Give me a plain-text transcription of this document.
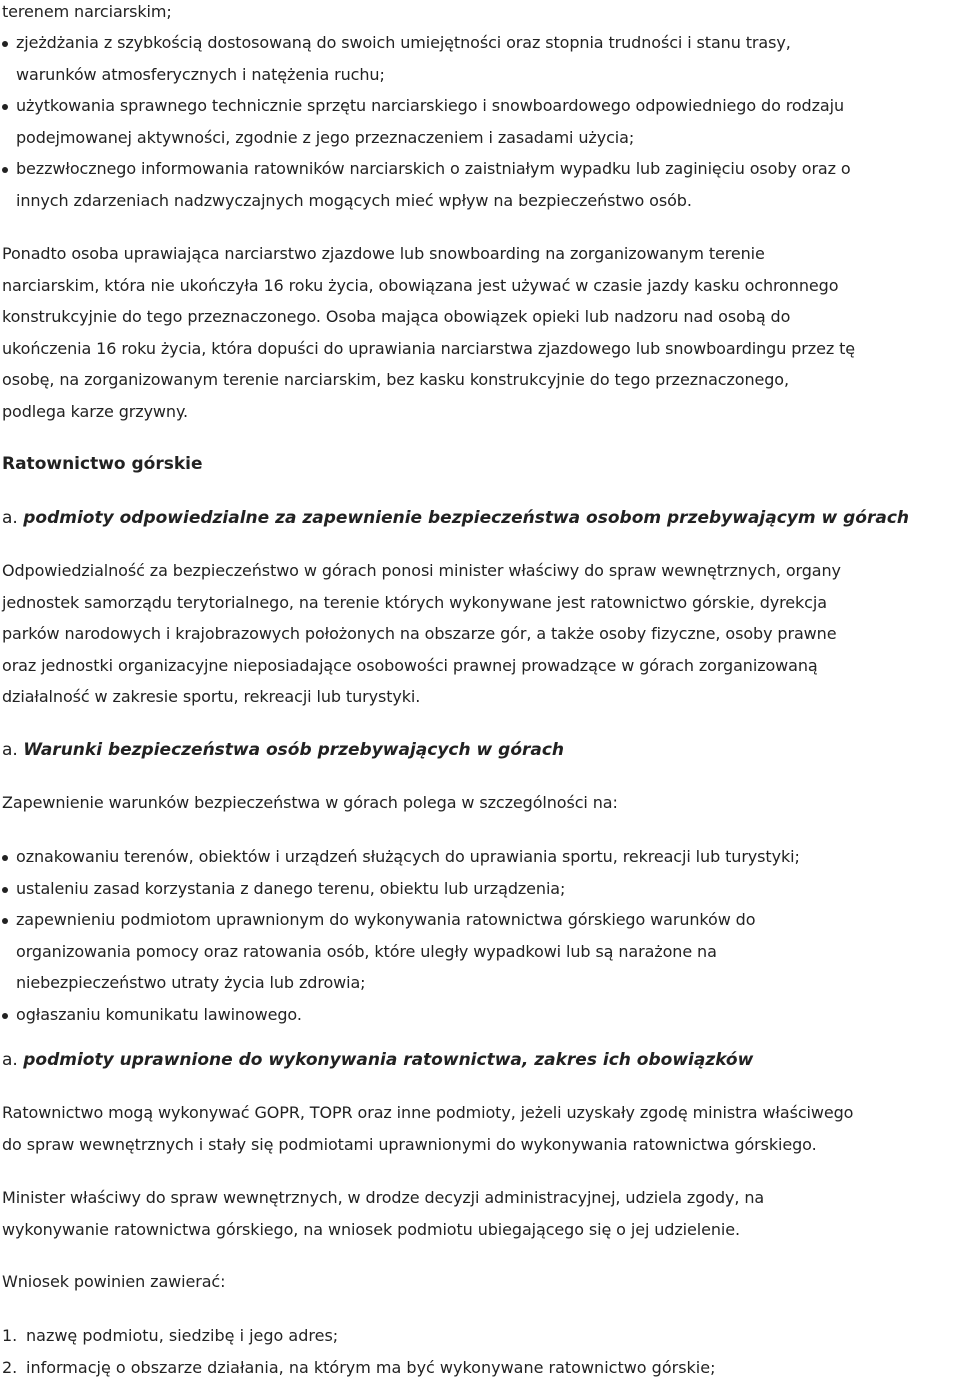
terenem narciarskim;
zjeżdżania z szybkością dostosowaną do swoich umiejętności oraz stopnia trudności i stanu trasy,
warunków atmosferycznych i natężenia ruchu;
użytkowania sprawnego technicznie sprzętu narciarskiego i snowboardowego odpowiedniego do rodzaju
podejmowanej aktywności, zgodnie z jego przeznaczeniem i zasadami użycia;
bezzwłocznego informowania ratowników narciarskich o zaistniałym wypadku lub zaginięciu osoby oraz o
innych zdarzeniach nadzwyczajnych mogących mieć wpływ na bezpieczeństwo osób.
Ponadto osoba uprawiająca narciarstwo zjazdowe lub snowboarding na zorganizowanym terenie
narciarskim, która nie ukończyła 16 roku życia, obowiązana jest używać w czasie jazdy kasku ochronnego
konstrukcyjnie do tego przeznaczonego. Osoba mająca obowiązek opieki lub nadzoru nad osobą do
ukończenia 16 roku życia, która dopuści do uprawiania narciarstwa zjazdowego lub snowboardingu przez tę
osobę, na zorganizowanym terenie narciarskim, bez kasku konstrukcyjnie do tego przeznaczonego,
podlega karze grzywny.
Ratownictwo górskie
a. podmioty odpowiedzialne za zapewnienie bezpieczeństwa osobom przebywającym w górach
Odpowiedzialność za bezpieczeństwo w górach ponosi minister właściwy do spraw wewnętrznych, organy
jednostek samorządu terytorialnego, na terenie których wykonywane jest ratownictwo górskie, dyrekcja
parków narodowych i krajobrazowych położonych na obszarze gór, a także osoby fizyczne, osoby prawne
oraz jednostki organizacyjne nieposiadające osobowości prawnej prowadzące w górach zorganizowaną
działalność w zakresie sportu, rekreacji lub turystyki.
a. Warunki bezpieczeństwa osób przebywających w górach
Zapewnienie warunków bezpieczeństwa w górach polega w szczególności na:
oznakowaniu terenów, obiektów i urządzeń służących do uprawiania sportu, rekreacji lub turystyki;
ustaleniu zasad korzystania z danego terenu, obiektu lub urządzenia;
zapewnieniu podmiotom uprawnionym do wykonywania ratownictwa górskiego warunków do
organizowania pomocy oraz ratowania osób, które uległy wypadkowi lub są narażone na
niebezpieczeństwo utraty życia lub zdrowia;
ogłaszaniu komunikatu lawinowego.
a. podmioty uprawnione do wykonywania ratownictwa, zakres ich obowiązków
Ratownictwo mogą wykonywać GOPR, TOPR oraz inne podmioty, jeżeli uzyskały zgodę ministra właściwego
do spraw wewnętrznych i stały się podmiotami uprawnionymi do wykonywania ratownictwa górskiego.
Minister właściwy do spraw wewnętrznych, w drodze decyzji administracyjnej, udziela zgody, na
wykonywanie ratownictwa górskiego, na wniosek podmiotu ubiegającego się o jej udzielenie.
Wniosek powinien zawierać:
1. nazwę podmiotu, siedzibę i jego adres;
2. informację o obszarze działania, na którym ma być wykonywane ratownictwo górskie;
